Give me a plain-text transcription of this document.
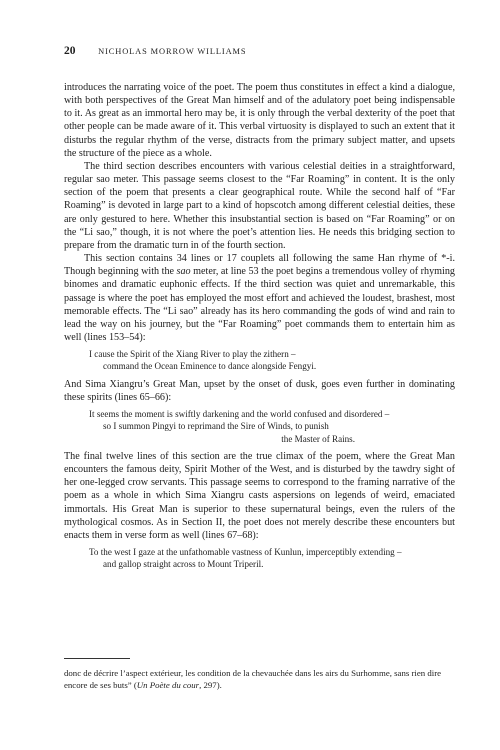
20	NICHOLAS MORROW WILLIAMS

introduces the narrating voice of the poet. The poem thus constitutes in effect a kind a dialogue, with both perspectives of the Great Man himself and of the adulatory poet being indispensable to it. As great as an immortal hero may be, it is only through the verbal dexterity of the poet that other people can be made aware of it. This verbal virtuosity is displayed to such an extent that it disturbs the regular rhythm of the verse, distracts from the primary subject matter, and upsets the structure of the piece as a whole.

The third section describes encounters with various celestial deities in a straightforward, regular sao meter. This passage seems closest to the “Far Roaming” in content. It is the only section of the poem that presents a clear geographical route. While the second half of “Far Roaming” is devoted in large part to a kind of hopscotch among different celestial deities, these are only gestured to here. Whether this insubstantial section is based on “Far Roaming” or on the “Li sao,” though, it is not where the poet’s attention lies. He needs this bridging section to prepare from the dramatic turn in of the fourth section.

This section contains 34 lines or 17 couplets all following the same Han rhyme of *-i. Though beginning with the sao meter, at line 53 the poet begins a tremendous volley of rhyming binomes and dramatic euphonic effects. If the third section was quiet and unremarkable, this passage is where the poet has employed the most effort and achieved the loudest, brashest, most memorable effects. The “Li sao” already has its hero commanding the gods of wind and rain to lead the way on his journey, but the “Far Roaming” poet commands them to entertain him as well (lines 153–54):

I cause the Spirit of the Xiang River to play the zithern –
command the Ocean Eminence to dance alongside Fengyi.

And Sima Xiangru’s Great Man, upset by the onset of dusk, goes even further in dominating these spirits (lines 65–66):

It seems the moment is swiftly darkening and the world confused and disordered –
so I summon Pingyi to reprimand the Sire of Winds, to punish
the Master of Rains.

The final twelve lines of this section are the true climax of the poem, where the Great Man encounters the famous deity, Spirit Mother of the West, and is disturbed by the tawdry sight of her one-legged crow servants. This passage seems to correspond to the framing narrative of the poem as a whole in which Sima Xiangru casts aspersions on legends of weird, emaciated immortals. His Great Man is superior to these supernatural beings, even the rulers of the mythological cosmos. As in Section II, the poet does not merely describe these encounters but enacts them in verse form as well (lines 67–68):

To the west I gaze at the unfathomable vastness of Kunlun, imperceptibly extending –
and gallop straight across to Mount Triperil.
donc de décrire l’aspect extérieur, les condition de la chevauchée dans les airs du Surhomme, sans rien dire encore de ses buts” (Un Poète du cour, 297).
